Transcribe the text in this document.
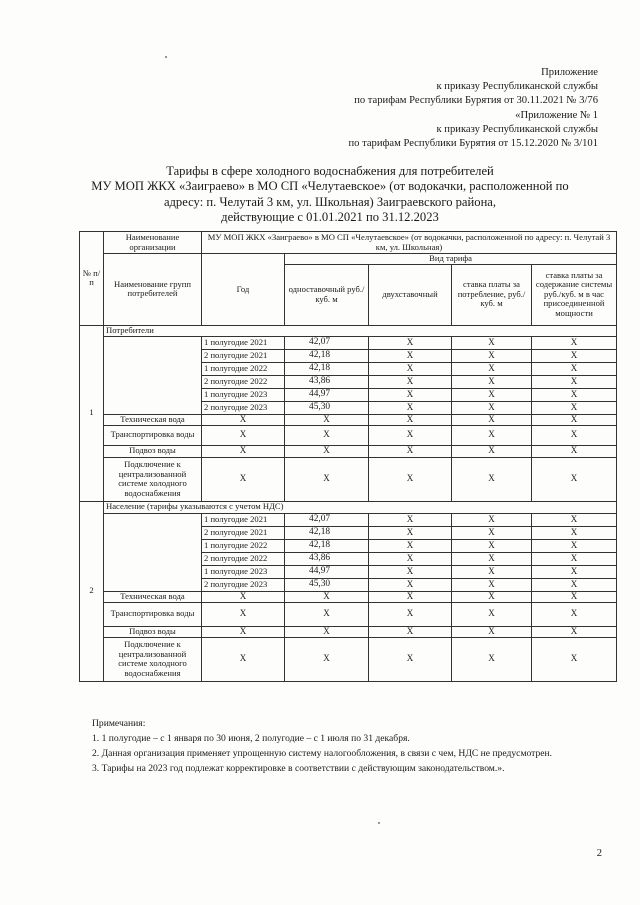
Приложение
к приказу Республиканской службы
по тарифам Республики Бурятия от 30.11.2021 № 3/76
«Приложение № 1
к приказу Республиканской службы
по тарифам Республики Бурятия от 15.12.2020 № 3/101
Тарифы в сфере холодного водоснабжения для потребителей
МУ МОП ЖКХ «Заиграево» в МО СП «Челутаевское» (от водокачки, расположенной по
адресу: п. Челутай 3 км, ул. Школьная) Заиграевского района,
действующие с 01.01.2021 по 31.12.2023
№ п/п	Наименование организации	МУ МОП ЖКХ «Заиграево» в МО СП «Челутаевское» (от водокачки, расположенной по адресу: п. Челутай 3 км, ул. Школьная)				
	Наименование групп потребителей	Год	Вид тарифа			
			одноставочный руб./ куб. м	двухставочный	ставка платы за потребление, руб./ куб. м	ставка платы за содержание системы руб./куб. м в час присоединенной мощности
1	Потребители					
		1 полугодие 2021	42,07	Х	Х	Х
		2 полугодие 2021	42,18	Х	Х	Х
		1 полугодие 2022	42,18	Х	Х	Х
		2 полугодие 2022	43,86	Х	Х	Х
		1 полугодие 2023	44,97	Х	Х	Х
		2 полугодие 2023	45,30	Х	Х	Х
	Техническая вода	Х	Х	Х	Х	Х
	Транспортировка воды	Х	Х	Х	Х	Х
	Подвоз воды	Х	Х	Х	Х	Х
	Подключение к централизованной системе холодного водоснабжения	Х	Х	Х	Х	Х
2	Население (тарифы указываются с учетом НДС)					
		1 полугодие 2021	42,07	Х	Х	Х
		2 полугодие 2021	42,18	Х	Х	Х
		1 полугодие 2022	42,18	Х	Х	Х
		2 полугодие 2022	43,86	Х	Х	Х
		1 полугодие 2023	44,97	Х	Х	Х
		2 полугодие 2023	45,30	Х	Х	Х
	Техническая вода	Х	Х	Х	Х	Х
	Транспортировка воды	Х	Х	Х	Х	Х
	Подвоз воды	Х	Х	Х	Х	Х
	Подключение к централизованной системе холодного водоснабжения	Х	Х	Х	Х	Х
Примечания:
1. 1 полугодие – с 1 января по 30 июня, 2 полугодие – с 1 июля по 31 декабря.
2. Данная организация применяет упрощенную систему налогообложения, в связи с чем, НДС не предусмотрен.
3. Тарифы на 2023 год подлежат корректировке в соответствии с действующим законодательством.».
2
